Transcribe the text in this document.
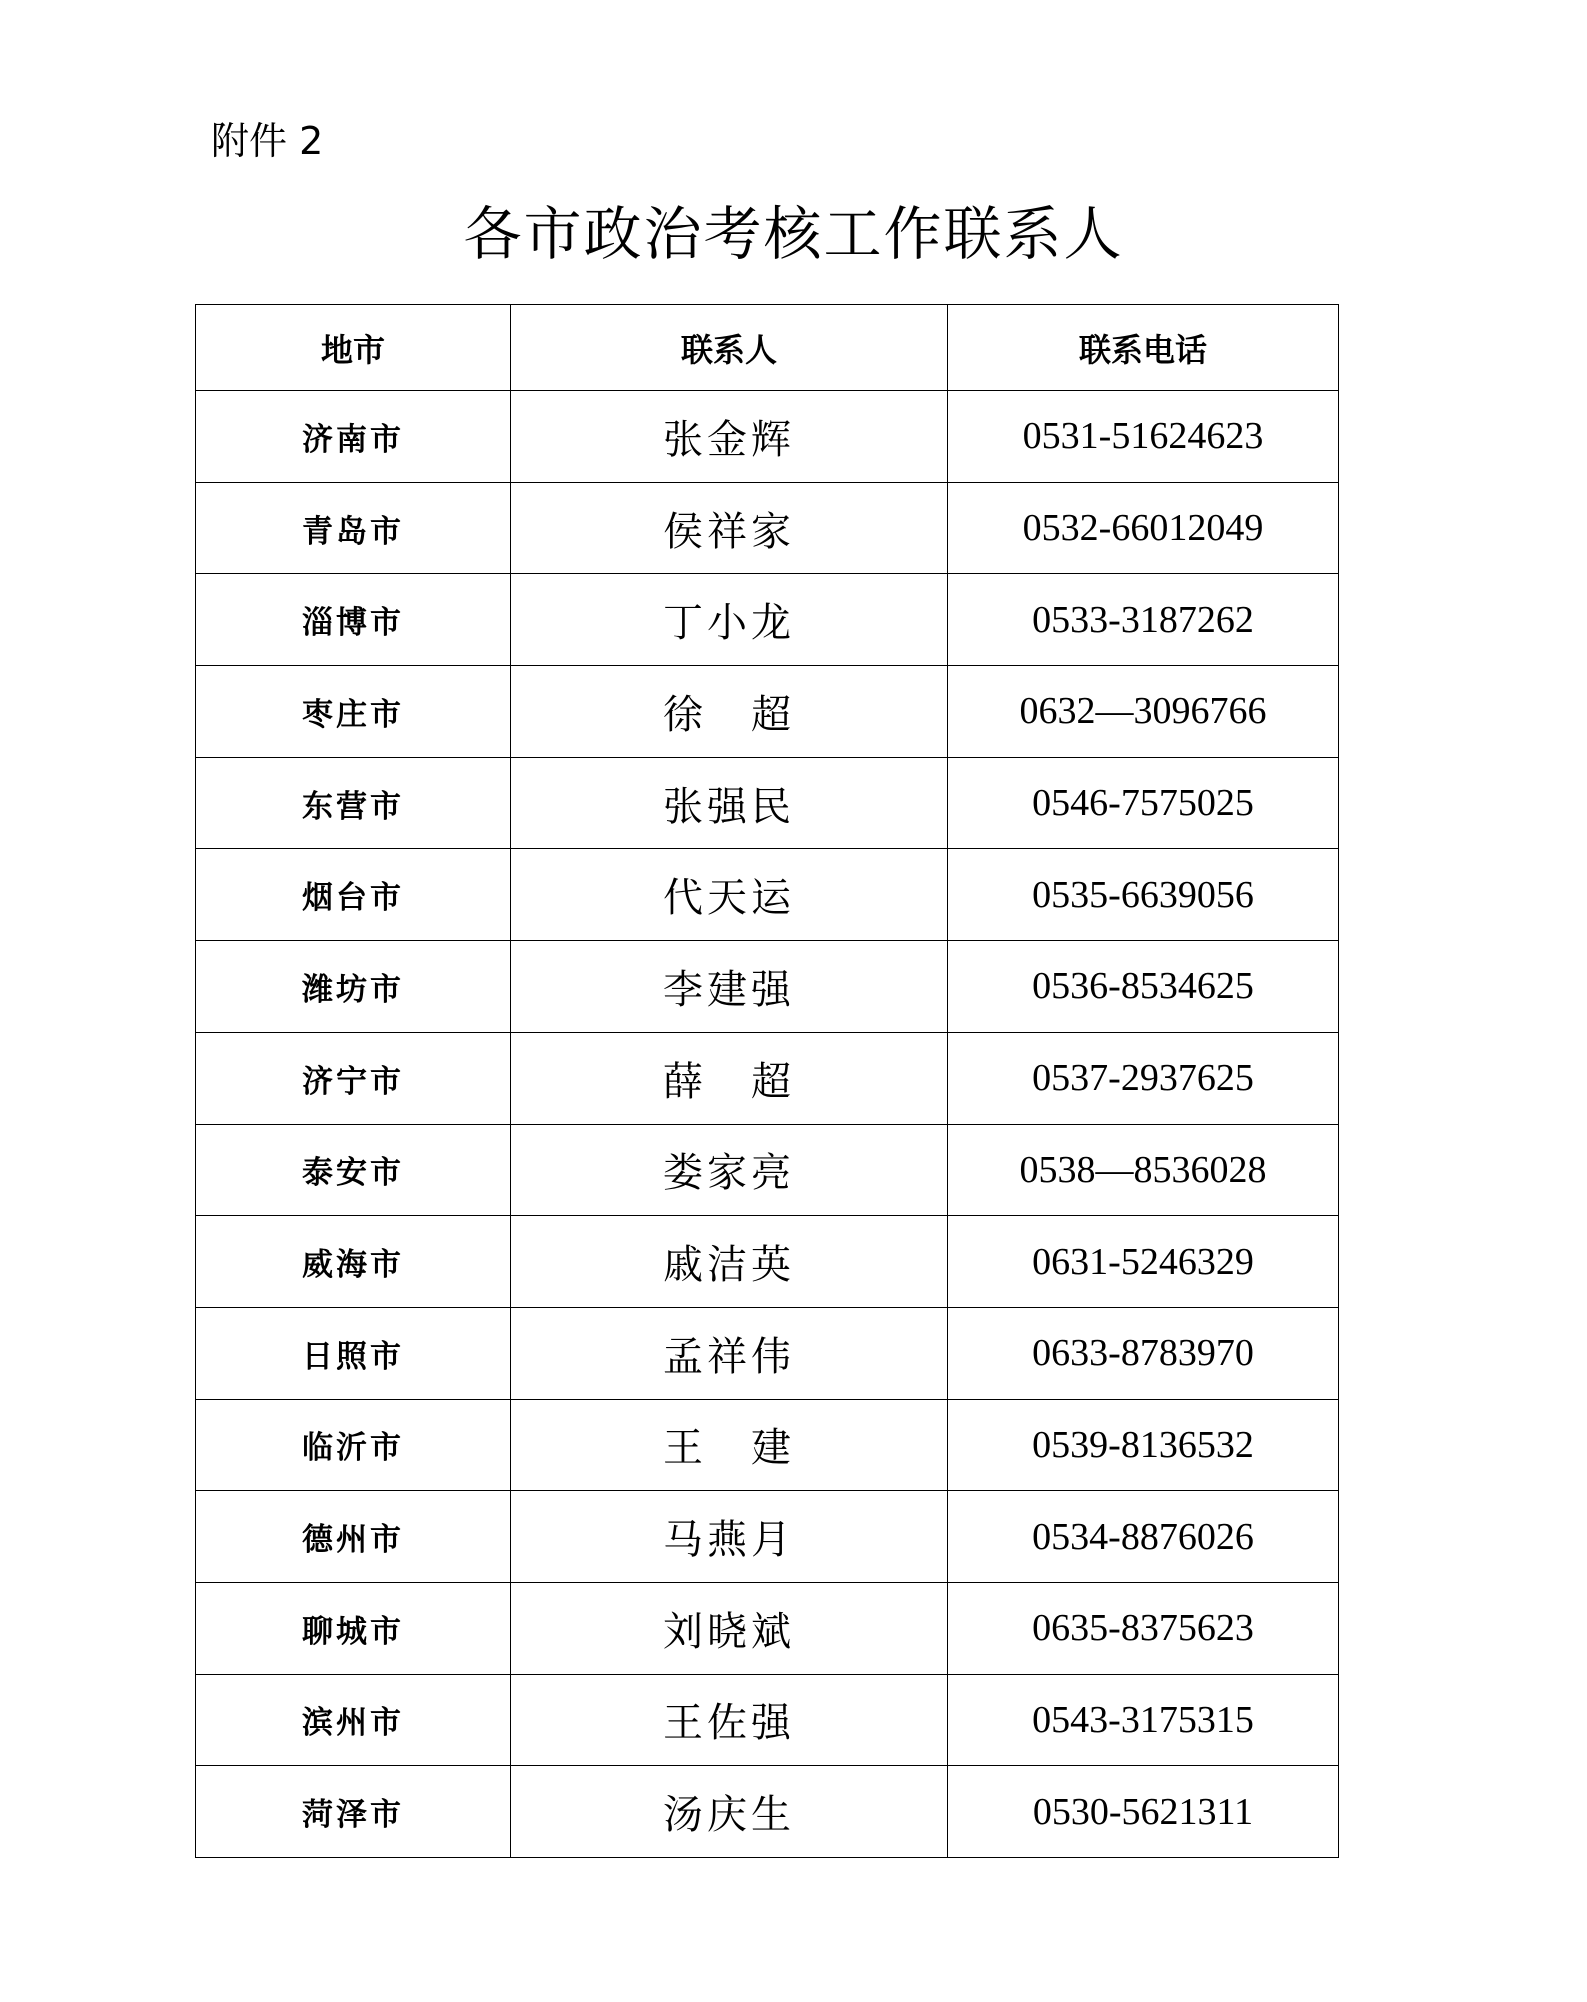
附件 2
各市政治考核工作联系人
地市	联系人	联系电话
济南市	张金辉	0531-51624623
青岛市	侯祥家	0532-66012049
淄博市	丁小龙	0533-3187262
枣庄市	徐　超	0632—3096766
东营市	张强民	0546-7575025
烟台市	代天运	0535-6639056
潍坊市	李建强	0536-8534625
济宁市	薛　超	0537-2937625
泰安市	娄家亮	0538—8536028
威海市	戚洁英	0631-5246329
日照市	孟祥伟	0633-8783970
临沂市	王　建	0539-8136532
德州市	马燕月	0534-8876026
聊城市	刘晓斌	0635-8375623
滨州市	王佐强	0543-3175315
菏泽市	汤庆生	0530-5621311
